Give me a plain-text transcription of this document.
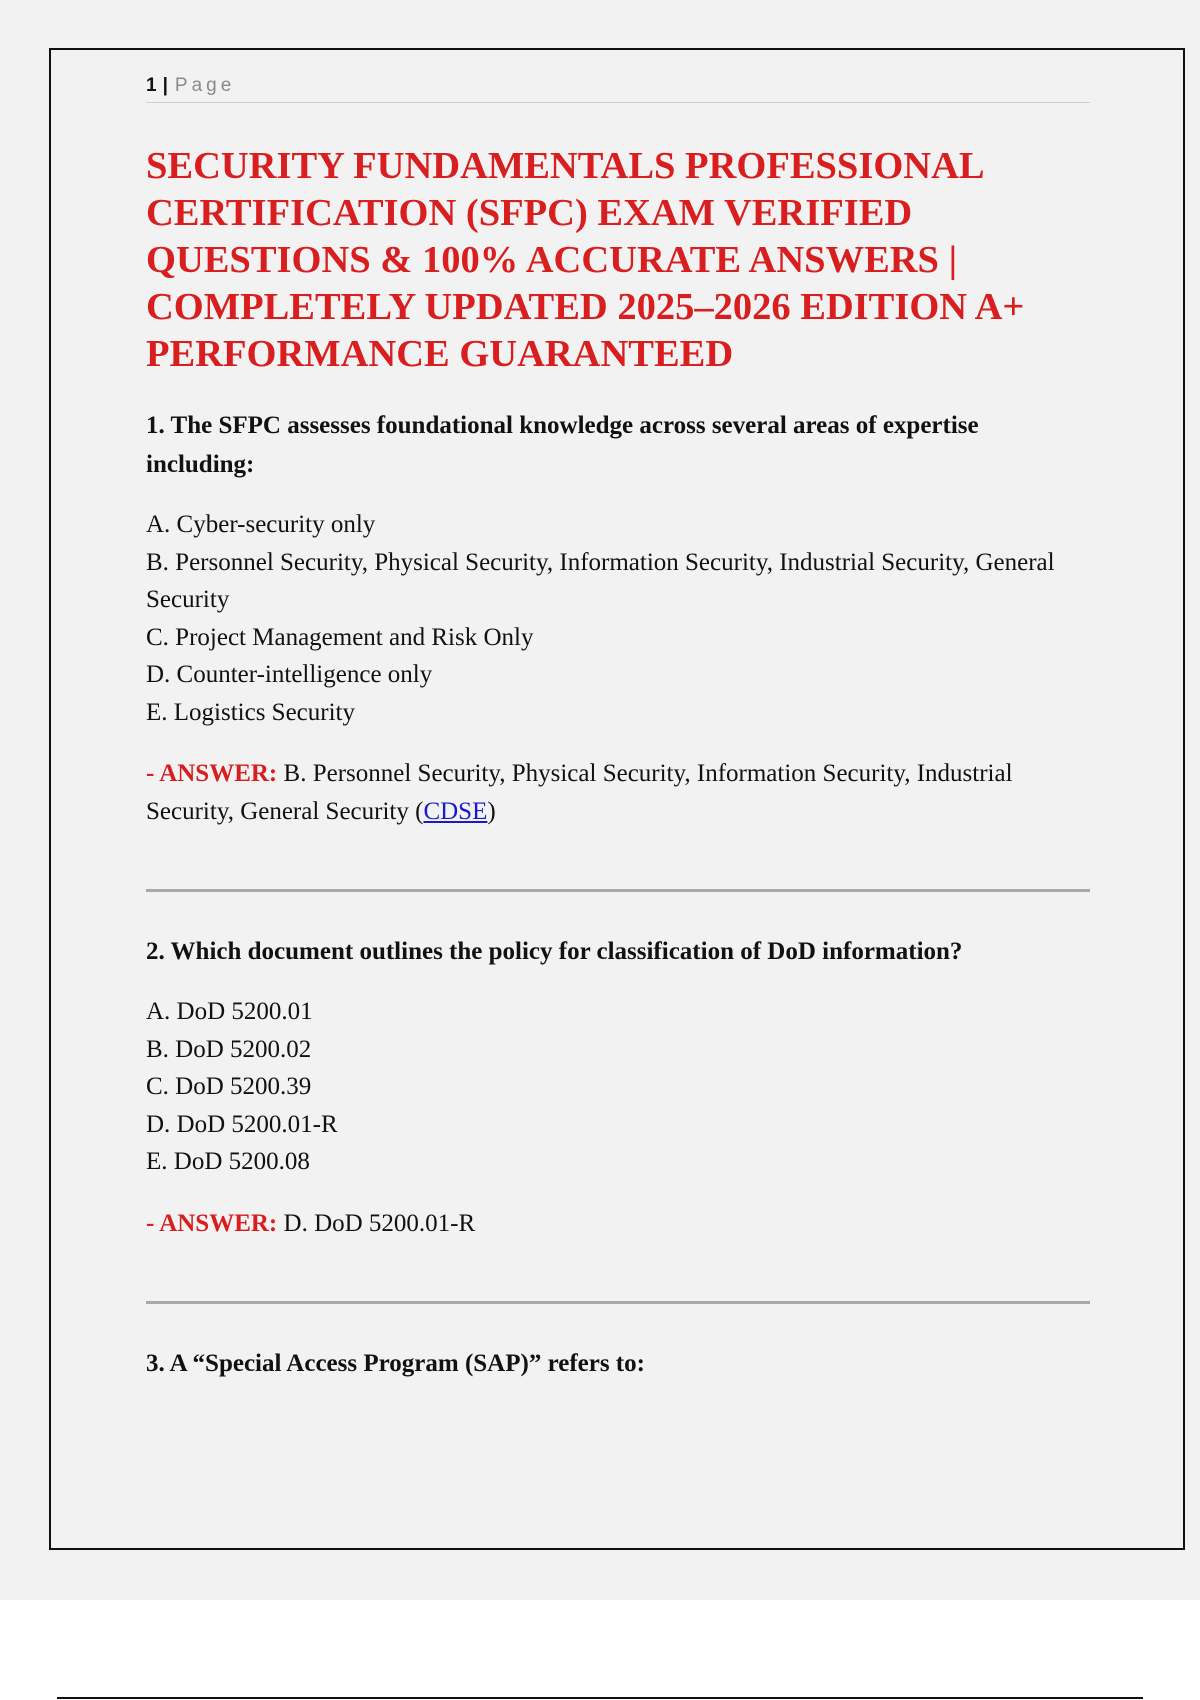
1 | Page
SECURITY FUNDAMENTALS PROFESSIONAL CERTIFICATION (SFPC) EXAM VERIFIED QUESTIONS & 100% ACCURATE ANSWERS | COMPLETELY UPDATED 2025–2026 EDITION A+ PERFORMANCE GUARANTEED

1. The SFPC assesses foundational knowledge across several areas of expertise including:

A. Cyber-security only

B. Personnel Security, Physical Security, Information Security, Industrial Security, General Security

C. Project Management and Risk Only

D. Counter-intelligence only

E. Logistics Security

- ANSWER: B. Personnel Security, Physical Security, Information Security, Industrial Security, General Security (CDSE)

2. Which document outlines the policy for classification of DoD information?

A. DoD 5200.01

B. DoD 5200.02

C. DoD 5200.39

D. DoD 5200.01-R

E. DoD 5200.08

- ANSWER: D. DoD 5200.01-R

3. A “Special Access Program (SAP)” refers to:
